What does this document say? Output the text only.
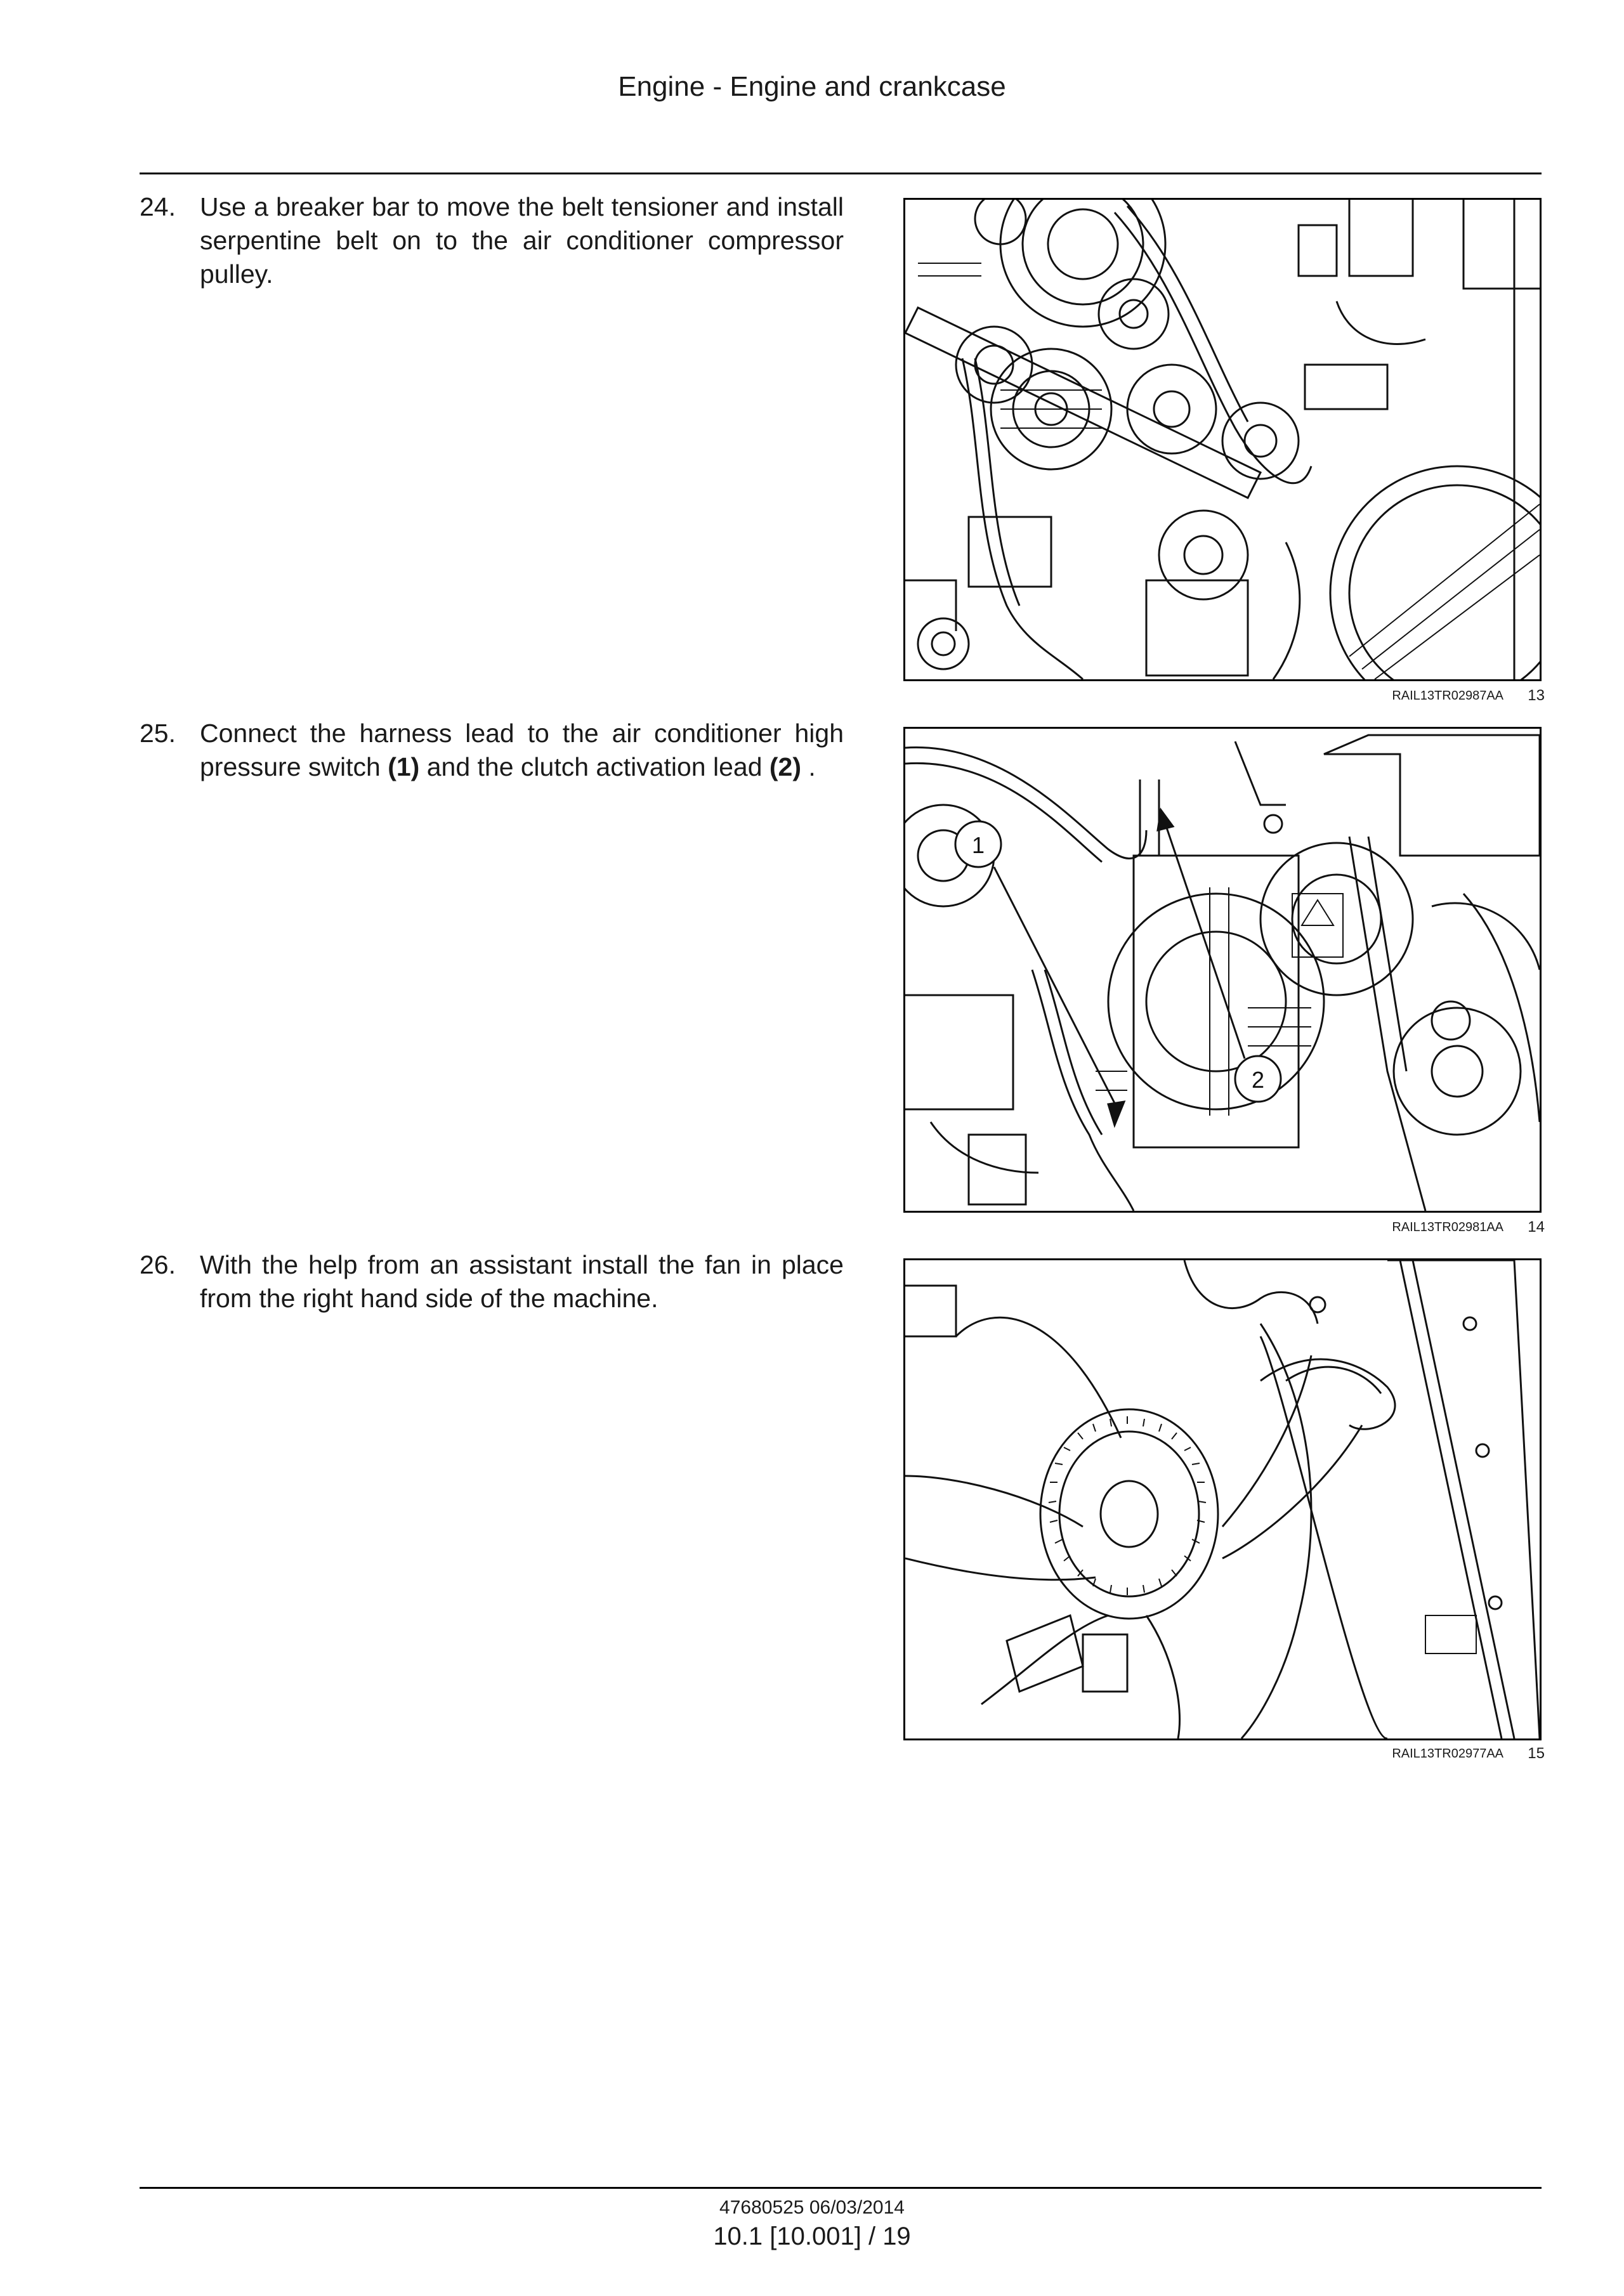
Engine - Engine and crankcase
24. Use a breaker bar to move the belt tensioner and install serpentine belt on to the air conditioner compressor pulley.
RAIL13TR02987AA	13
25. Connect the harness lead to the air conditioner high pressure switch (1) and the clutch activation lead (2) .
1
2
RAIL13TR02981AA	14
26. With the help from an assistant install the fan in place from the right hand side of the machine.
RAIL13TR02977AA	15
47680525 06/03/2014
10.1 [10.001] / 19
